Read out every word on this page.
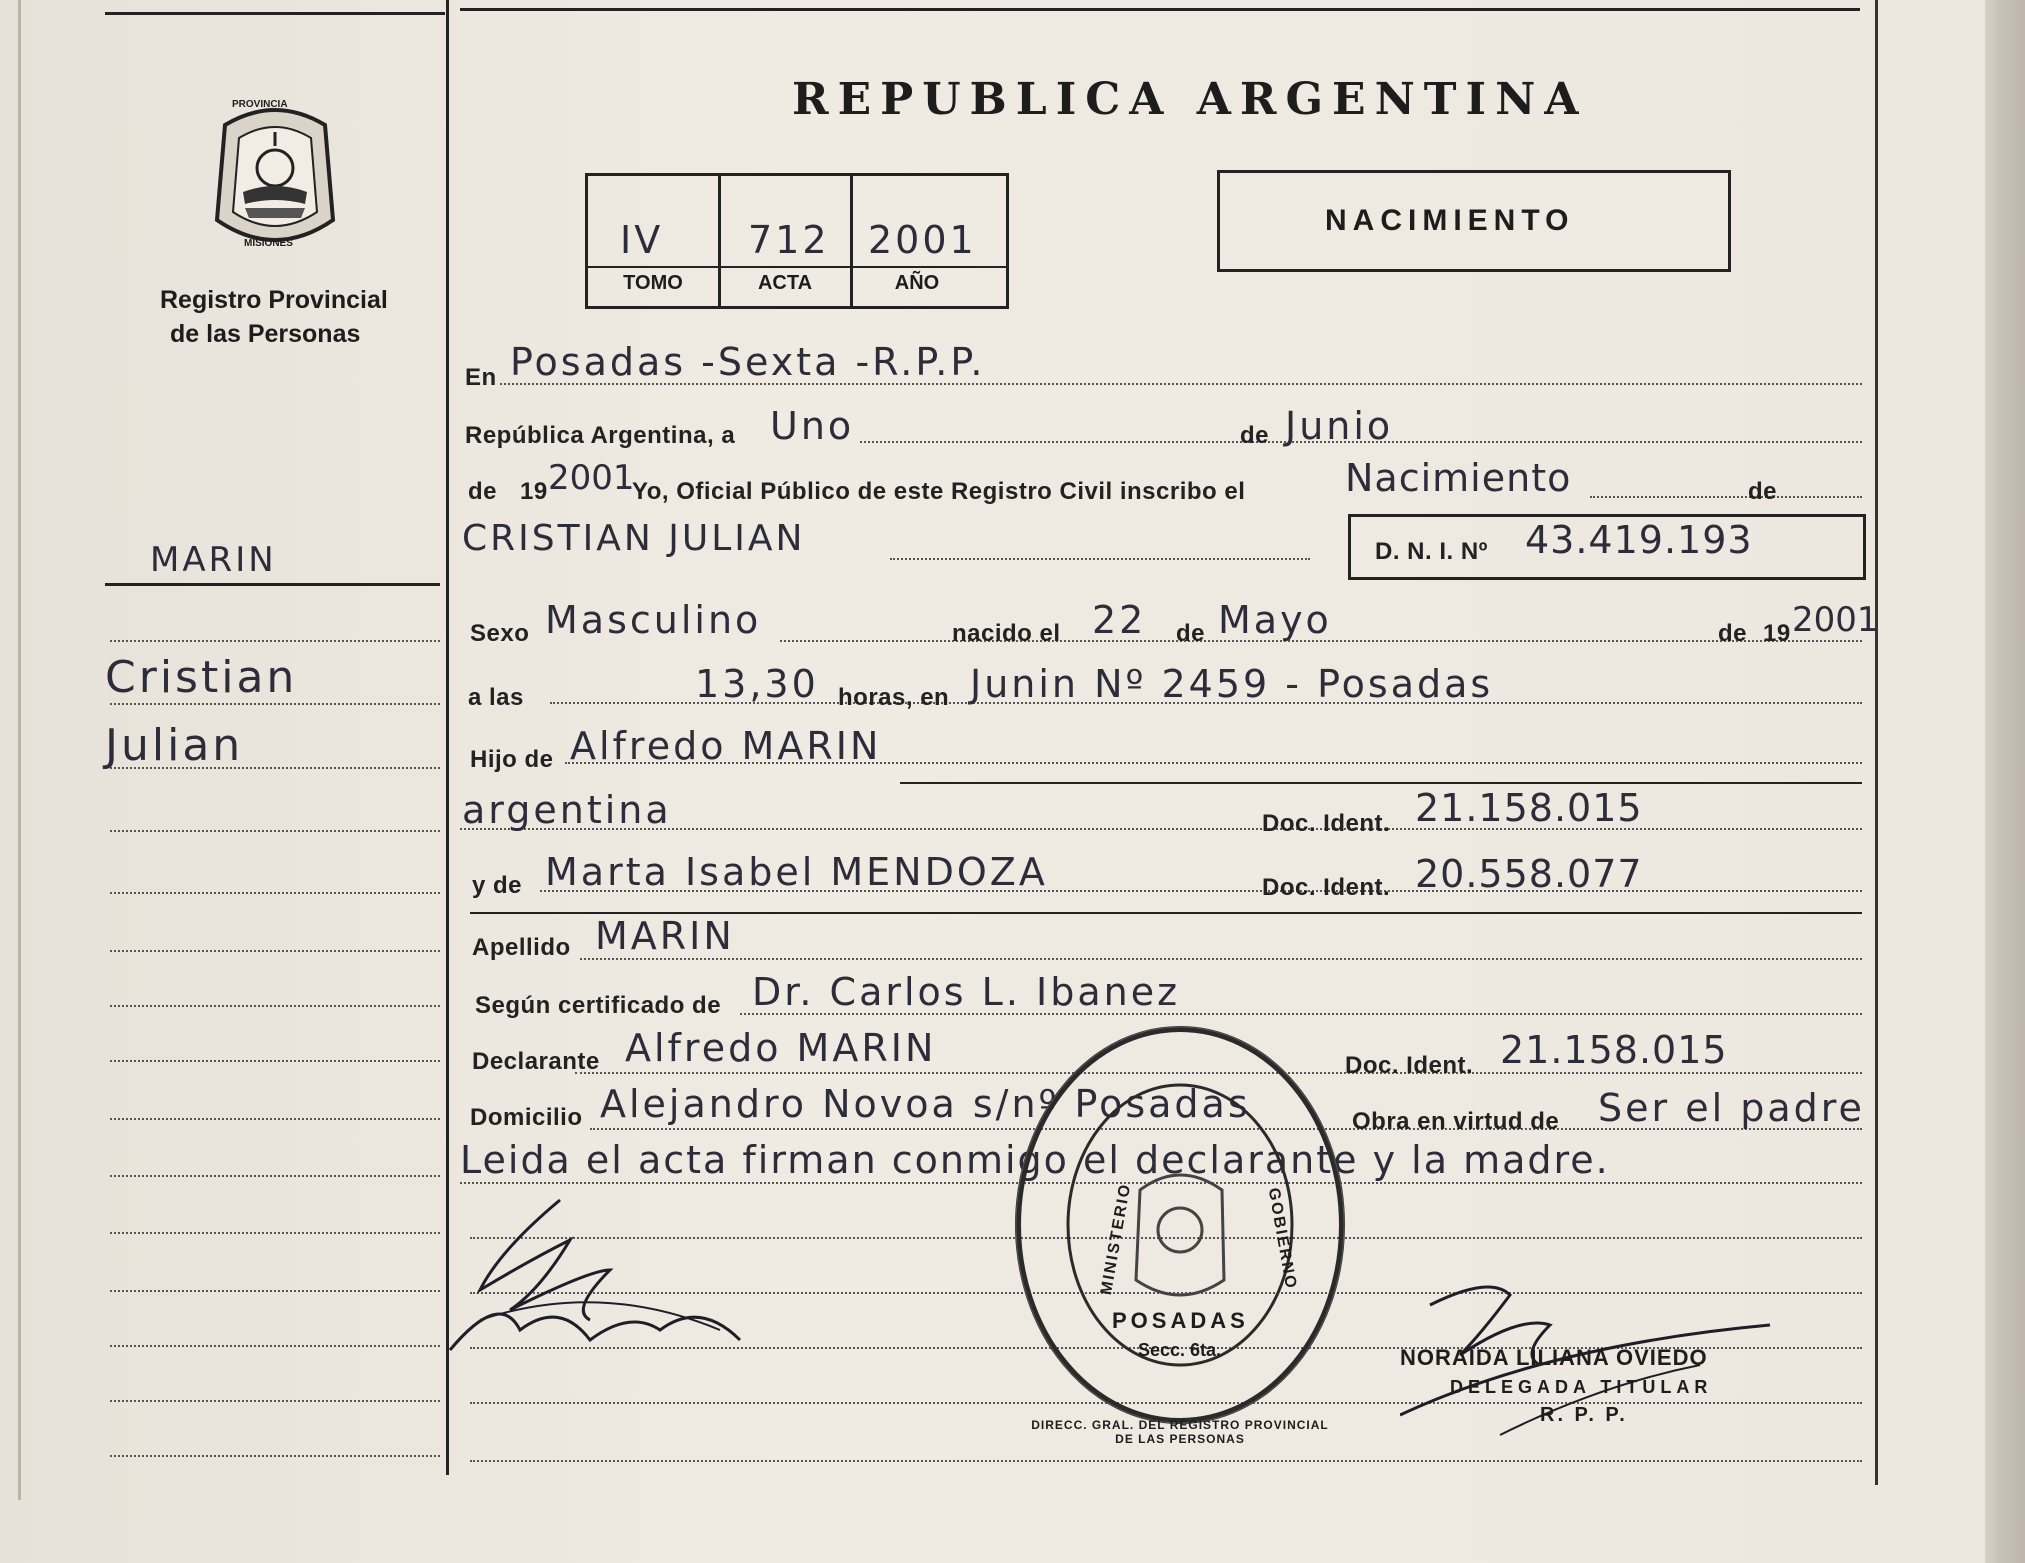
PROVINCIA
MISIONES
Registro Provincial
de las Personas
REPUBLICA ARGENTINA
NACIMIENTO
IV 712 2001
TOMO	ACTA	AÑO
MARIN
Cristian
Julian
En Posadas -Sexta -R.P.P.
República Argentina, a Uno	de Junio
de 19 2001
Yo, Oficial Público de este Registro Civil inscribo el	Nacimiento	de
CRISTIAN JULIAN	D. N. I. Nº 43.419.193
Sexo Masculino	nacido el 22 de Mayo	de 19 2001
a las	13,30 horas, en Junin Nº 2459 - Posadas
Hijo de Alfredo MARIN
argentina	Doc. Ident. 21.158.015
y de Marta Isabel MENDOZA	Doc. Ident. 20.558.077
Apellido MARIN
Según certificado de Dr. Carlos L. Ibanez
Declarante Alfredo MARIN	Doc. Ident. 21.158.015
Domicilio Alejandro Novoa s/nº Posadas	Obra en virtud de Ser el padre
Leida el acta firman conmigo el declarante y la madre.
DIRECC. GRAL. DEL REGISTRO PROVINCIAL DE LAS PERSONAS
MINISTERIO	GOBIERNO
POSADAS
Secc. 6ta.	NORAIDA LILIANA OVIEDO
DELEGADA TITULAR
R. P. P.
